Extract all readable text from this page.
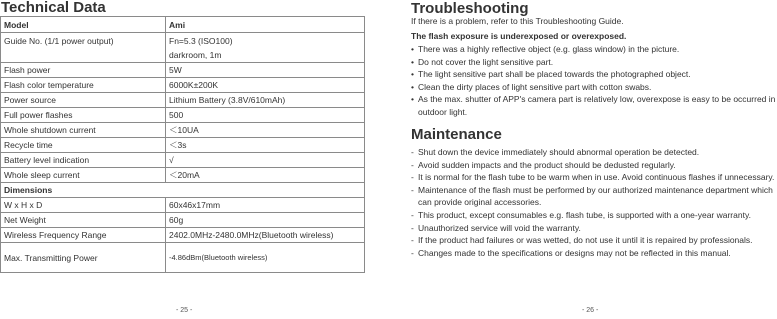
Technical Data
Model	Ami
Guide No. (1/1 power output)	Fn=5.3 (ISO100)
	darkroom, 1m
Flash power	5W
Flash color temperature	6000K±200K
Power source	Lithium Battery (3.8V/610mAh)
Full power flashes	500
Whole shutdown current	＜10UA
Recycle time	＜3s
Battery level indication	√
Whole sleep current	＜20mA
Dimensions	
W x H x D	60x46x17mm
Net Weight	60g
Wireless Frequency Range	2402.0MHz-2480.0MHz(Bluetooth wireless)
Max. Transmitting Power	-4.86dBm(Bluetooth wireless)
- 25 -
Troubleshooting

If there is a problem, refer to this Troubleshooting Guide.

The flash exposure is underexposed or overexposed.

• There was a highly reflective object (e.g. glass window) in the picture.
• Do not cover the light sensitive part.
• The light sensitive part shall be placed towards the photographed object.
• Clean the dirty places of light sensitive part with cotton swabs.
• As the max. shutter of APP's camera part is relatively low, overexpose is easy to be occurred in outdoor light.
Maintenance
- Shut down the device immediately should abnormal operation be detected.
- Avoid sudden impacts and the product should be dedusted regularly.
- It is normal for the flash tube to be warm when in use. Avoid continuous flashes if unnecessary.
- Maintenance of the flash must be performed by our authorized maintenance department which can provide original accessories.
- This product, except consumables e.g. flash tube, is supported with a one-year warranty.
- Unauthorized service will void the warranty.
- If the product had failures or was wetted, do not use it until it is repaired by professionals.
- Changes made to the specifications or designs may not be reflected in this manual.
- 26 -
